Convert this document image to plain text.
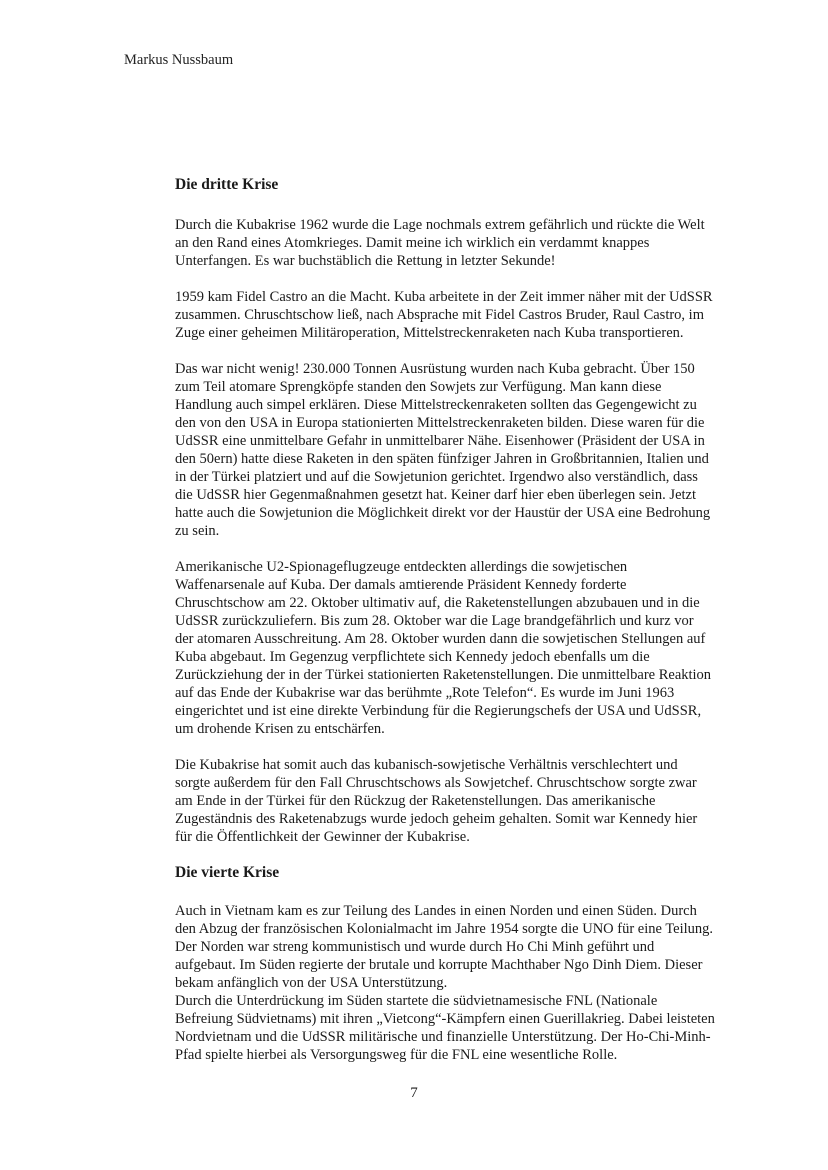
Markus Nussbaum
Die dritte Krise

Durch die Kubakrise 1962 wurde die Lage nochmals extrem gefährlich und rückte die Welt an den Rand eines Atomkrieges. Damit meine ich wirklich ein verdammt knappes Unterfangen. Es war buchstäblich die Rettung in letzter Sekunde!

1959 kam Fidel Castro an die Macht. Kuba arbeitete in der Zeit immer näher mit der UdSSR zusammen. Chruschtschow ließ, nach Absprache mit Fidel Castros Bruder, Raul Castro, im Zuge einer geheimen Militäroperation, Mittelstreckenraketen nach Kuba transportieren.

Das war nicht wenig! 230.000 Tonnen Ausrüstung wurden nach Kuba gebracht. Über 150 zum Teil atomare Sprengköpfe standen den Sowjets zur Verfügung. Man kann diese Handlung auch simpel erklären. Diese Mittelstreckenraketen sollten das Gegengewicht zu den von den USA in Europa stationierten Mittelstreckenraketen bilden. Diese waren für die UdSSR eine unmittelbare Gefahr in unmittelbarer Nähe. Eisenhower (Präsident der USA in den 50ern) hatte diese Raketen in den späten fünfziger Jahren in Großbritannien, Italien und in der Türkei platziert und auf die Sowjetunion gerichtet. Irgendwo also verständlich, dass die UdSSR hier Gegenmaßnahmen gesetzt hat. Keiner darf hier eben überlegen sein. Jetzt hatte auch die Sowjetunion die Möglichkeit direkt vor der Haustür der USA eine Bedrohung zu sein.

Amerikanische U2-Spionageflugzeuge entdeckten allerdings die sowjetischen Waffenarsenale auf Kuba. Der damals amtierende Präsident Kennedy forderte Chruschtschow am 22. Oktober ultimativ auf, die Raketenstellungen abzubauen und in die UdSSR zurückzuliefern. Bis zum 28. Oktober war die Lage brandgefährlich und kurz vor der atomaren Ausschreitung. Am 28. Oktober wurden dann die sowjetischen Stellungen auf Kuba abgebaut. Im Gegenzug verpflichtete sich Kennedy jedoch ebenfalls um die Zurückziehung der in der Türkei stationierten Raketenstellungen. Die unmittelbare Reaktion auf das Ende der Kubakrise war das berühmte „Rote Telefon“. Es wurde im Juni 1963 eingerichtet und ist eine direkte Verbindung für die Regierungschefs der USA und UdSSR, um drohende Krisen zu entschärfen.

Die Kubakrise hat somit auch das kubanisch-sowjetische Verhältnis verschlechtert und sorgte außerdem für den Fall Chruschtschows als Sowjetchef. Chruschtschow sorgte zwar am Ende in der Türkei für den Rückzug der Raketenstellungen. Das amerikanische Zugeständnis des Raketenabzugs wurde jedoch geheim gehalten. Somit war Kennedy hier für die Öffentlichkeit der Gewinner der Kubakrise.

Die vierte Krise

Auch in Vietnam kam es zur Teilung des Landes in einen Norden und einen Süden. Durch den Abzug der französischen Kolonialmacht im Jahre 1954 sorgte die UNO für eine Teilung. Der Norden war streng kommunistisch und wurde durch Ho Chi Minh geführt und aufgebaut. Im Süden regierte der brutale und korrupte Machthaber Ngo Dinh Diem. Dieser bekam anfänglich von der USA Unterstützung.

Durch die Unterdrückung im Süden startete die südvietnamesische FNL (Nationale Befreiung Südvietnams) mit ihren „Vietcong“-Kämpfern einen Guerillakrieg. Dabei leisteten Nordvietnam und die UdSSR militärische und finanzielle Unterstützung. Der Ho-Chi-Minh-Pfad spielte hierbei als Versorgungsweg für die FNL eine wesentliche Rolle.

7
